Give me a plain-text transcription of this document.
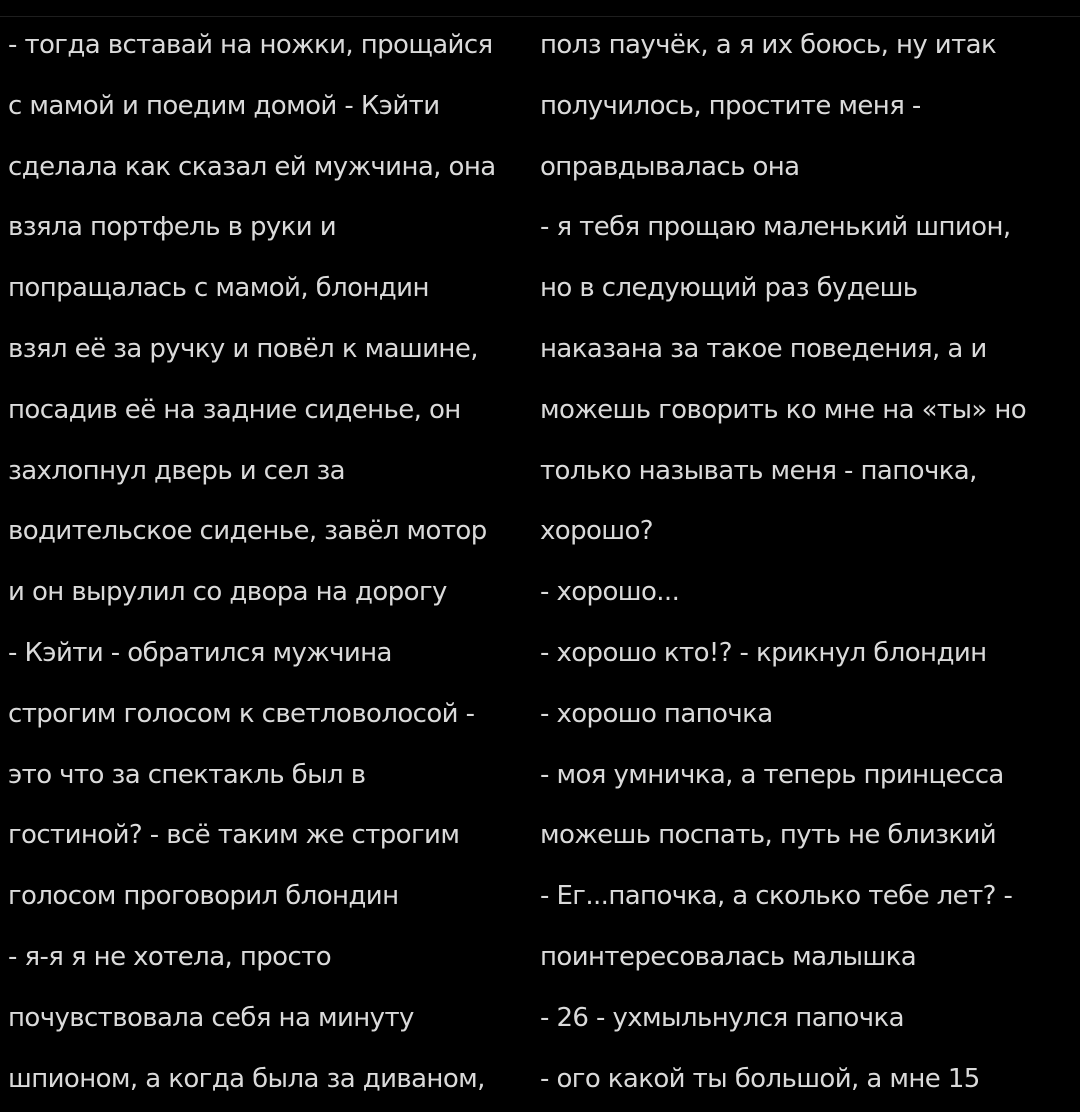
- тогда вставай на ножки, прощайся
с мамой и поедим домой - Кэйти
сделала как сказал ей мужчина, она
взяла портфель в руки и
попращалась с мамой, блондин
взял её за ручку и повёл к машине,
посадив её на задние сиденье, он
захлопнул дверь и сел за
водительское сиденье, завёл мотор
и он вырулил со двора на дорогу
- Кэйти - обратился мужчина
строгим голосом к светловолосой -
это что за спектакль был в
гостиной? - всё таким же строгим
голосом проговорил блондин
- я-я я не хотела, просто
почувствовала себя на минуту
шпионом, а когда была за диваном,
полз паучёк, а я их боюсь, ну итак
получилось, простите меня -
оправдывалась она
- я тебя прощаю маленький шпион,
но в следующий раз будешь
наказана за такое поведения, а и
можешь говорить ко мне на «ты» но
только называть меня - папочка,
хорошо?
- хорошо...
- хорошо кто!? - крикнул блондин
- хорошо папочка
- моя умничка, а теперь принцесса
можешь поспать, путь не близкий
- Ег...папочка, а сколько тебе лет? -
поинтересовалась малышка
- 26 - ухмыльнулся папочка
- ого какой ты большой, а мне 15
